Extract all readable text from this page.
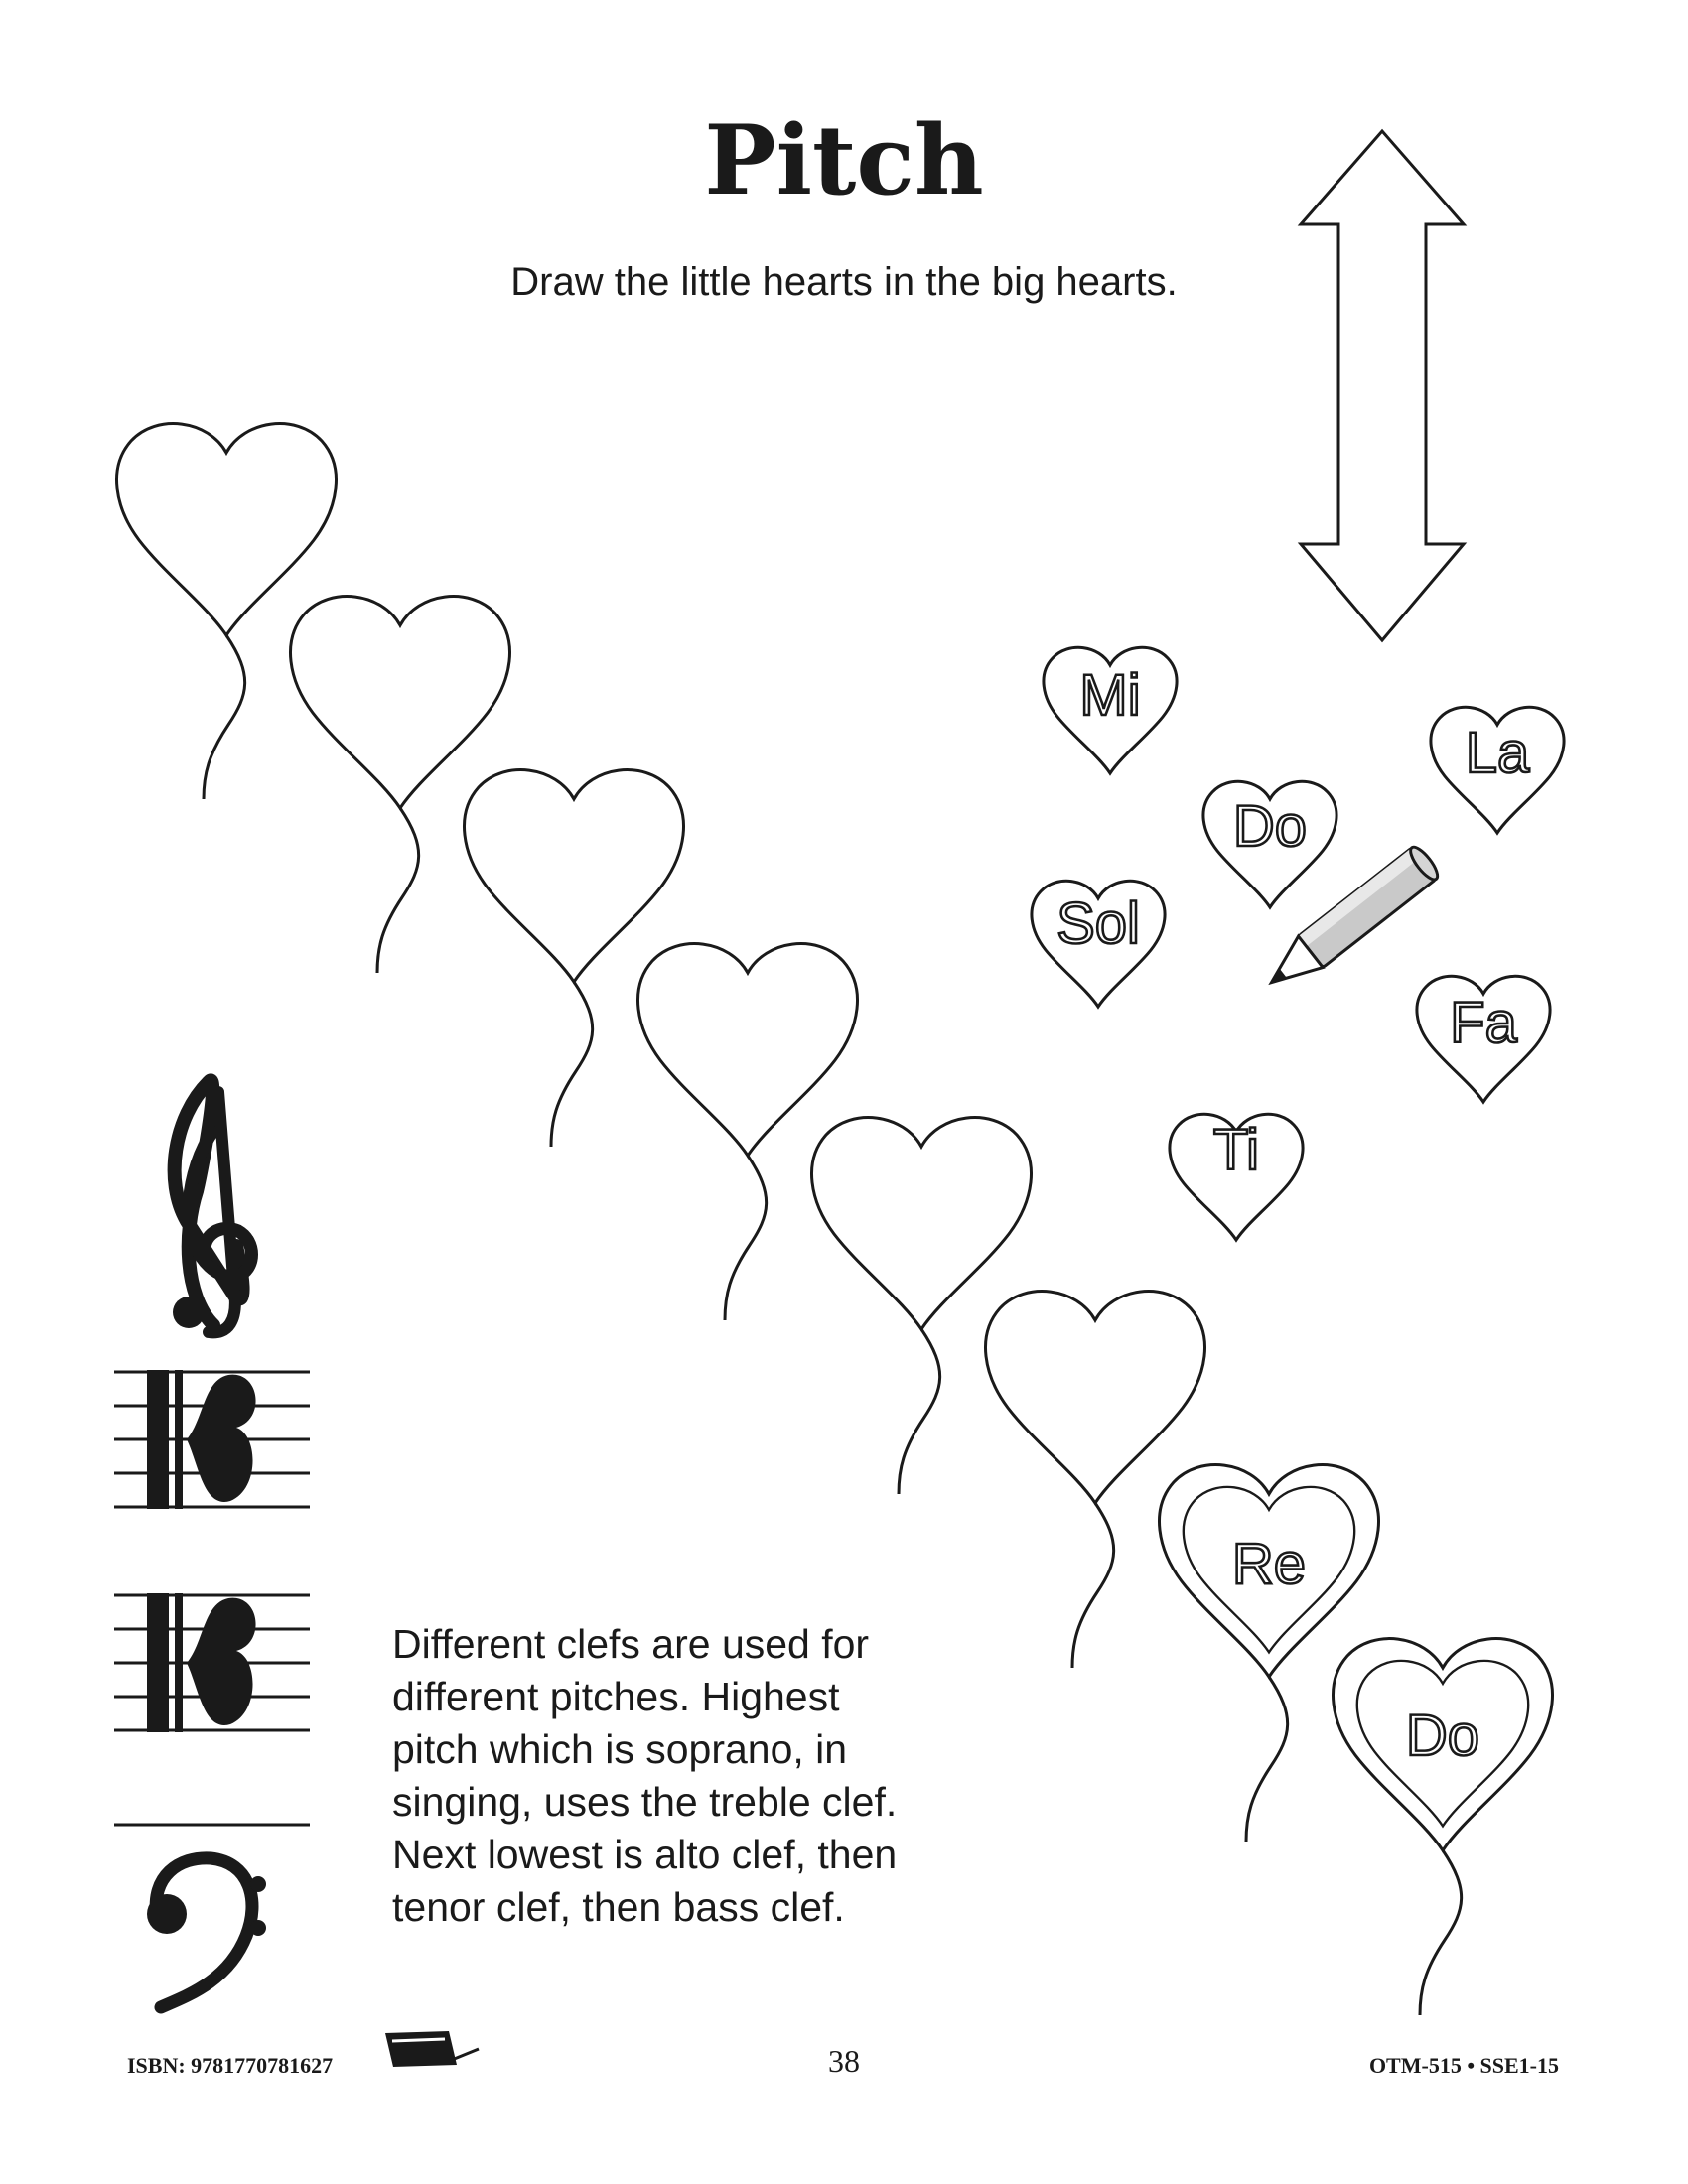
Pitch
Draw the little hearts in the big hearts.
Mi
La
Do
Sol
Fa
Ti
Re
Do
Different clefs are used for
different pitches. Highest
pitch which is soprano, in
singing, uses the treble clef.
Next lowest is alto clef, then
tenor clef, then bass clef.
ISBN: 9781770781627	38	OTM-515 • SSE1-15
